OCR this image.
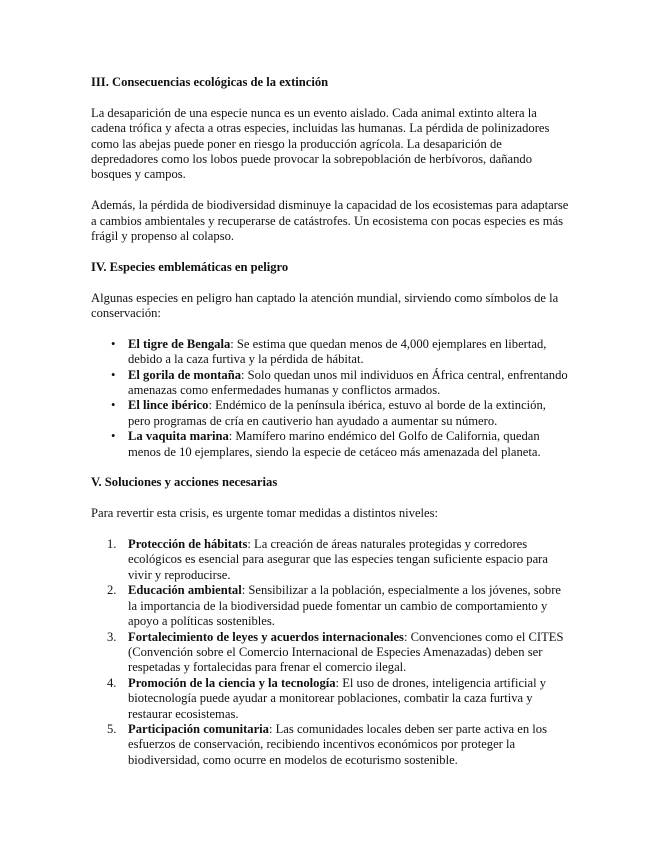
III. Consecuencias ecológicas de la extinción

La desaparición de una especie nunca es un evento aislado. Cada animal extinto altera la cadena trófica y afecta a otras especies, incluidas las humanas. La pérdida de polinizadores como las abejas puede poner en riesgo la producción agrícola. La desaparición de depredadores como los lobos puede provocar la sobrepoblación de herbívoros, dañando bosques y campos.

Además, la pérdida de biodiversidad disminuye la capacidad de los ecosistemas para adaptarse a cambios ambientales y recuperarse de catástrofes. Un ecosistema con pocas especies es más frágil y propenso al colapso.

IV. Especies emblemáticas en peligro

Algunas especies en peligro han captado la atención mundial, sirviendo como símbolos de la conservación:

• El tigre de Bengala: Se estima que quedan menos de 4,000 ejemplares en libertad, debido a la caza furtiva y la pérdida de hábitat.
• El gorila de montaña: Solo quedan unos mil individuos en África central, enfrentando amenazas como enfermedades humanas y conflictos armados.
• El lince ibérico: Endémico de la península ibérica, estuvo al borde de la extinción, pero programas de cría en cautiverio han ayudado a aumentar su número.
• La vaquita marina: Mamífero marino endémico del Golfo de California, quedan menos de 10 ejemplares, siendo la especie de cetáceo más amenazada del planeta.
V. Soluciones y acciones necesarias

Para revertir esta crisis, es urgente tomar medidas a distintos niveles:

1. Protección de hábitats: La creación de áreas naturales protegidas y corredores ecológicos es esencial para asegurar que las especies tengan suficiente espacio para vivir y reproducirse.
2. Educación ambiental: Sensibilizar a la población, especialmente a los jóvenes, sobre la importancia de la biodiversidad puede fomentar un cambio de comportamiento y apoyo a políticas sostenibles.
3. Fortalecimiento de leyes y acuerdos internacionales: Convenciones como el CITES (Convención sobre el Comercio Internacional de Especies Amenazadas) deben ser respetadas y fortalecidas para frenar el comercio ilegal.
4. Promoción de la ciencia y la tecnología: El uso de drones, inteligencia artificial y biotecnología puede ayudar a monitorear poblaciones, combatir la caza furtiva y restaurar ecosistemas.
5. Participación comunitaria: Las comunidades locales deben ser parte activa en los esfuerzos de conservación, recibiendo incentivos económicos por proteger la biodiversidad, como ocurre en modelos de ecoturismo sostenible.
